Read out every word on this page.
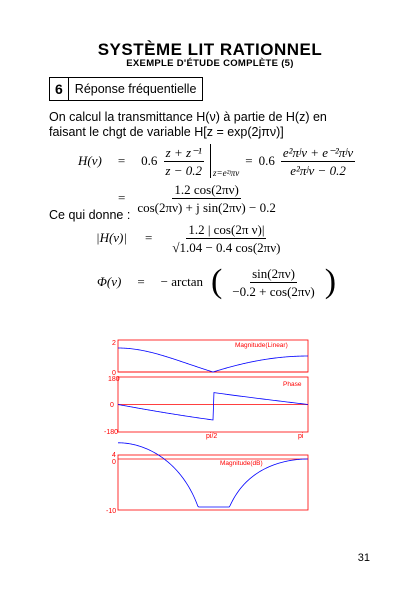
SYSTÈME LIT RATIONNEL
EXEMPLE D'ÉTUDE COMPLÈTE (5)
6 Réponse fréquentielle
On calcul la transmittance H(ν) à partie de H(z) en
faisant le chgt de variable H[z = exp(2jπν)]
$H(\nu) = 0.6 \frac{\text{z + z⁻¹}}{z - 0.2}$ z=e²ʲπν
= $0.6 \frac{\text{e²πʲν + e⁻²πʲν}}{\text{e²πʲν − 0.2}}$
= $\frac{1.2 \cos(2\pi\nu)}{\text{cos(2πν) + j sin(2πν) − 0.2}}$
Ce qui donne :
$|H(\nu)| = \frac{\text{1.2 | cos(2π ν)|}}{√1.04 - 0.4 \cos(2\pi\nu)}$
Φ(ν) = − arctan ( $\frac{\sin(2\pi\nu)}{-0.2 + \cos(2\pi\nu)}$ )
2
0
Magnitude(Linear)
180
0
-180
Phase
pi/2	pi
4
0
-10
Magnitude(dB)
31
